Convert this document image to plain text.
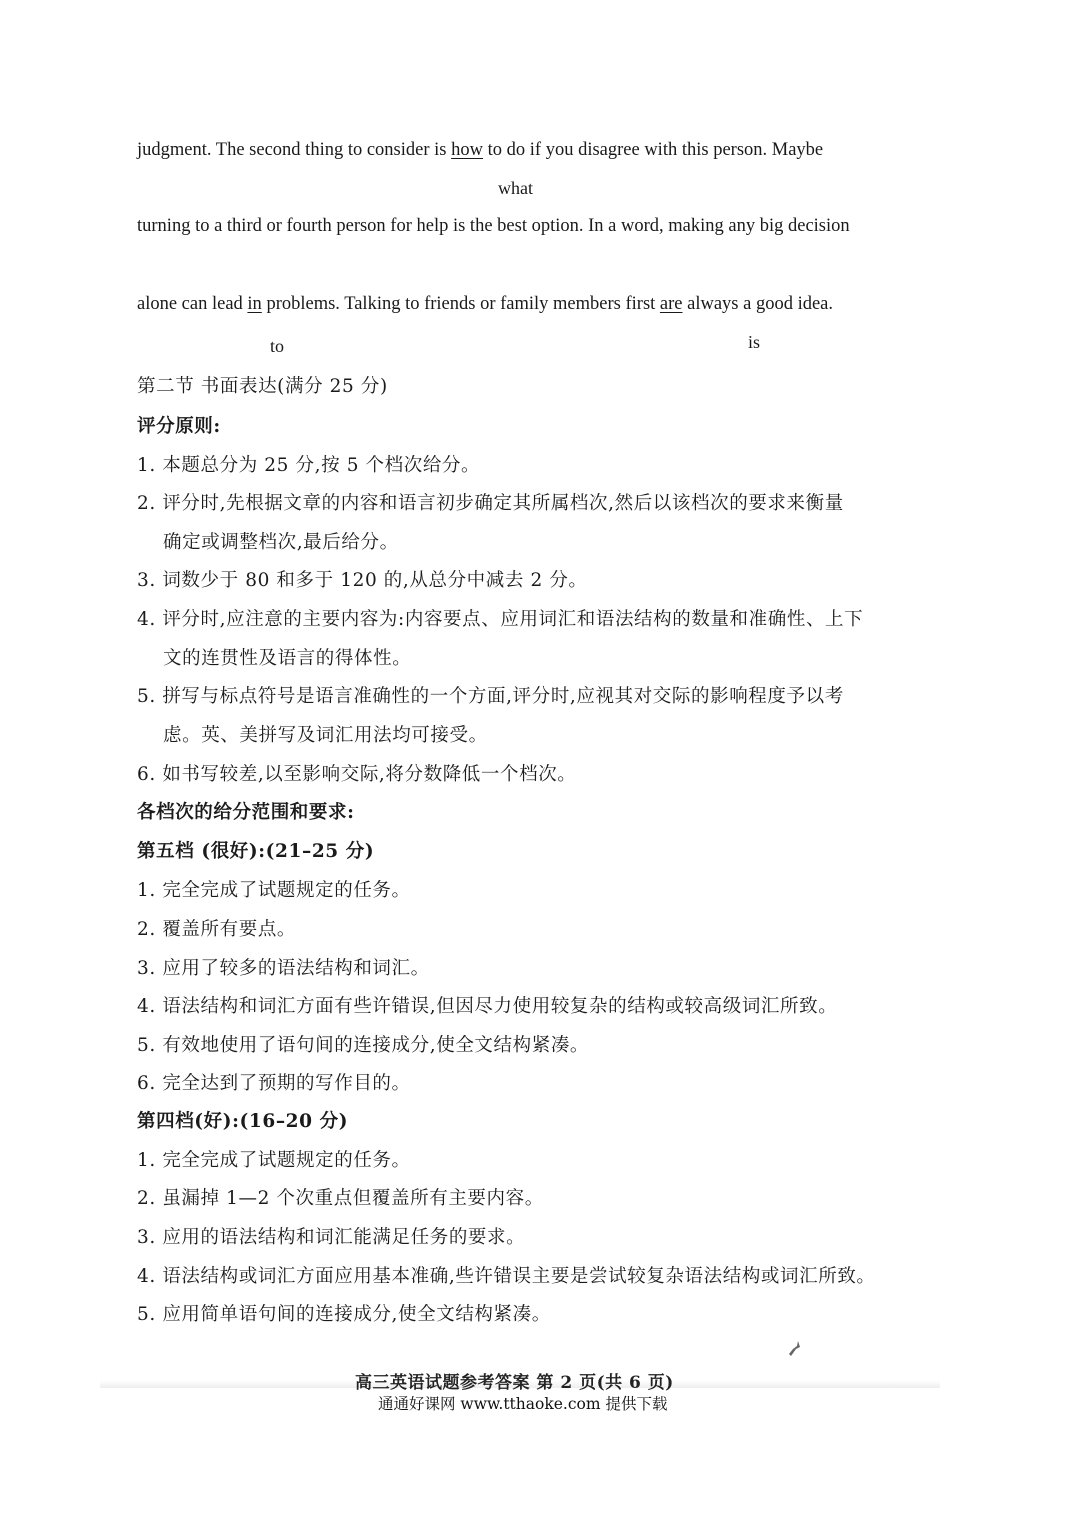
judgment. The second thing to consider is how to do if you disagree with this person. Maybe
what
turning to a third or fourth person for help is the best option. In a word, making any big decision
alone can lead in problems. Talking to friends or family members first are always a good idea.
to	is
第二节 书面表达(满分 25 分)
评分原则:
1. 本题总分为 25 分,按 5 个档次给分。
2. 评分时,先根据文章的内容和语言初步确定其所属档次,然后以该档次的要求来衡量
确定或调整档次,最后给分。
3. 词数少于 80 和多于 120 的,从总分中减去 2 分。
4. 评分时,应注意的主要内容为:内容要点、应用词汇和语法结构的数量和准确性、上下
文的连贯性及语言的得体性。
5. 拼写与标点符号是语言准确性的一个方面,评分时,应视其对交际的影响程度予以考
虑。英、美拼写及词汇用法均可接受。
6. 如书写较差,以至影响交际,将分数降低一个档次。
各档次的给分范围和要求:
第五档 (很好):(21–25 分)
1. 完全完成了试题规定的任务。
2. 覆盖所有要点。
3. 应用了较多的语法结构和词汇。
4. 语法结构和词汇方面有些许错误,但因尽力使用较复杂的结构或较高级词汇所致。
5. 有效地使用了语句间的连接成分,使全文结构紧凑。
6. 完全达到了预期的写作目的。
第四档(好):(16–20 分)
1. 完全完成了试题规定的任务。
2. 虽漏掉 1—2 个次重点但覆盖所有主要内容。
3. 应用的语法结构和词汇能满足任务的要求。
4. 语法结构或词汇方面应用基本准确,些许错误主要是尝试较复杂语法结构或词汇所致。
5. 应用简单语句间的连接成分,使全文结构紧凑。
高三英语试题参考答案 第 2 页(共 6 页)
通通好课网 www.tthaoke.com 提供下载
